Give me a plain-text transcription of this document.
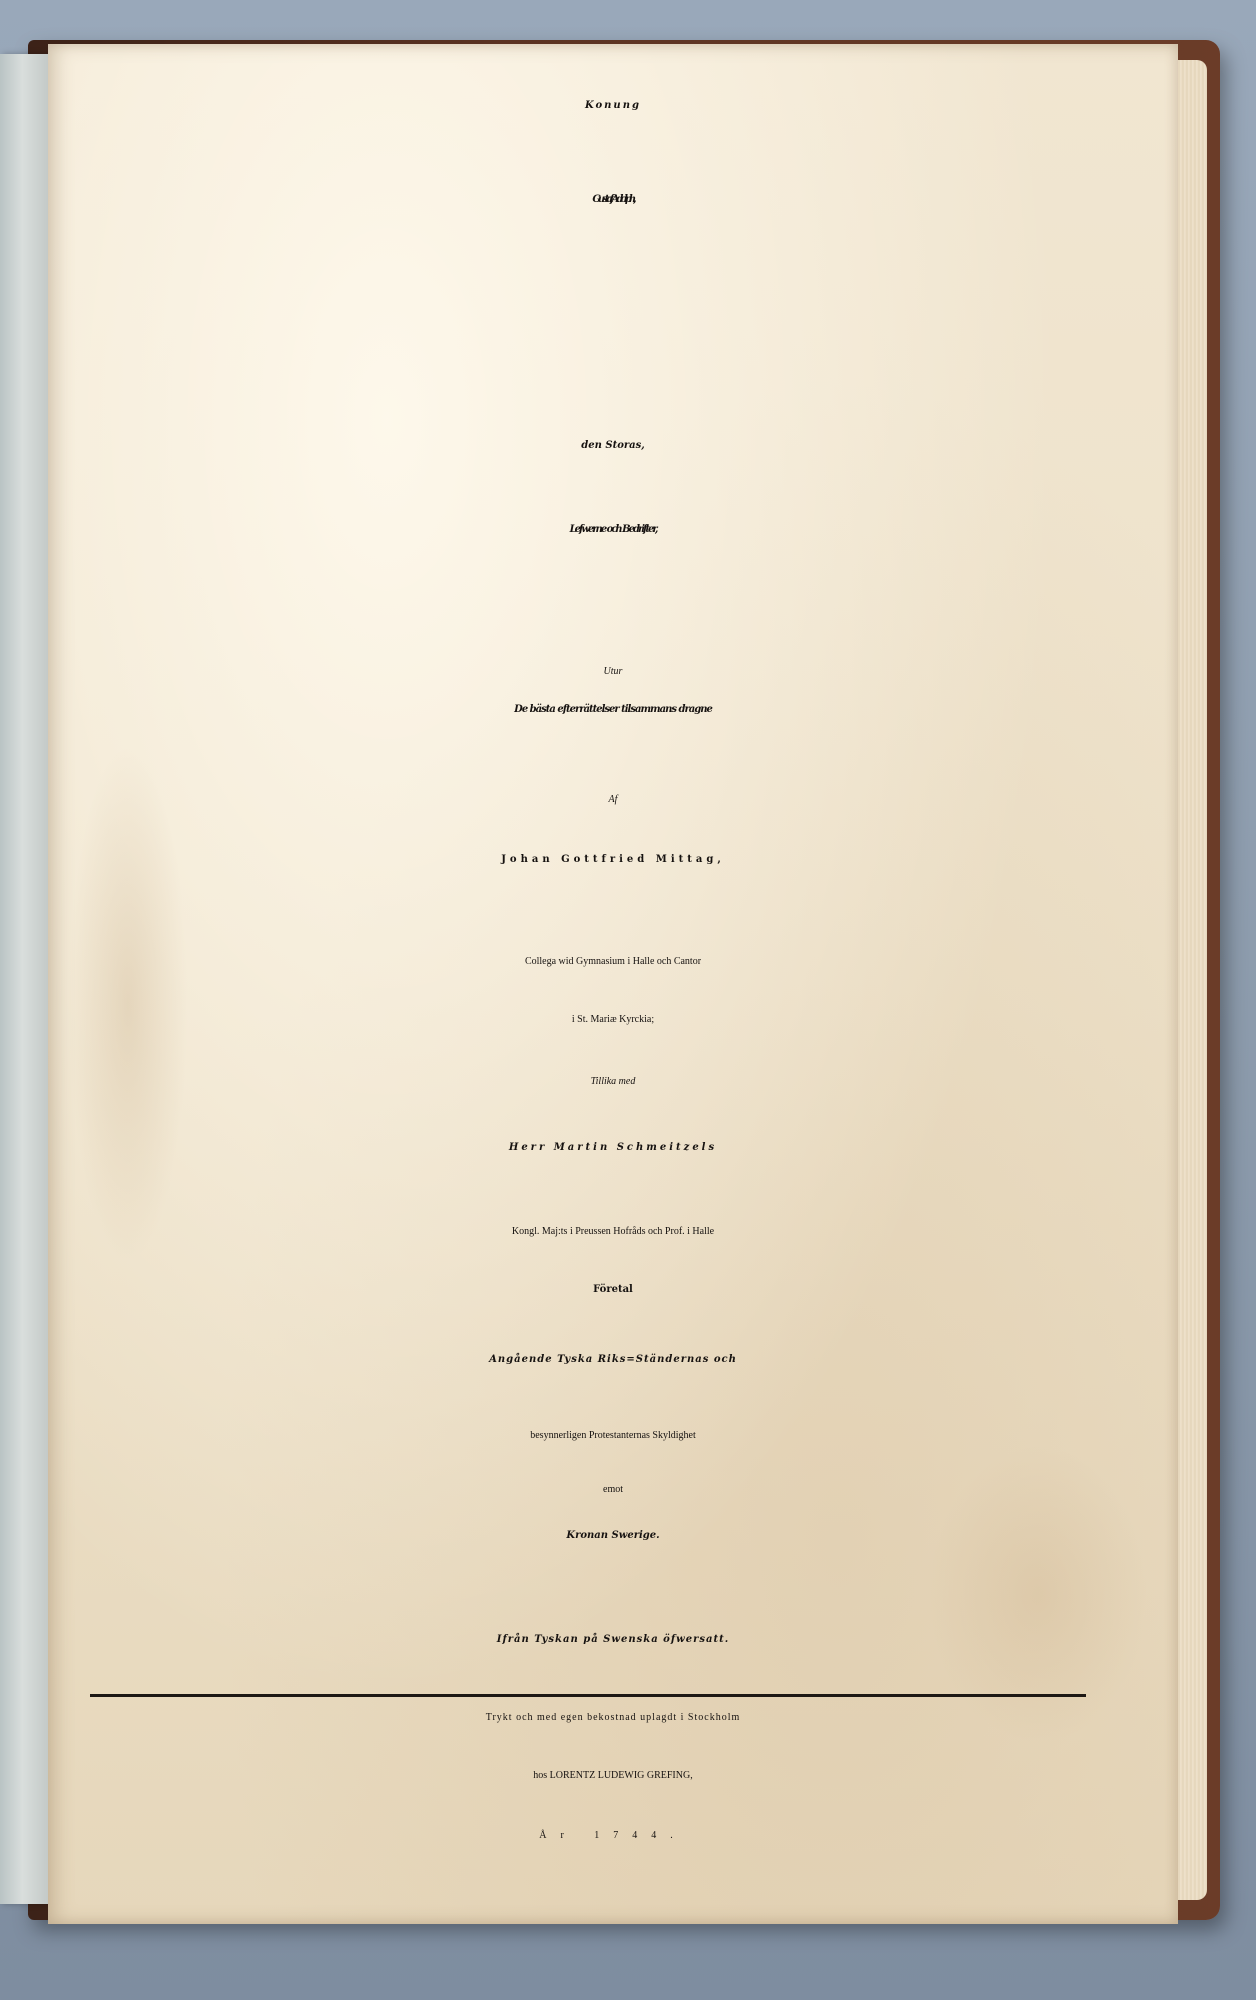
Konung
Gustaf Adolph,
den Storas,
Lefwerne och Bedrifter,
Utur
De bästa efterrättelser tilsammans dragne
Af
Johan Gottfried Mittag,
Collega wid Gymnasium i Halle och Cantor
i St. Mariæ Kyrckia;
Tillika med
Herr Martin Schmeitzels
Kongl. Maj:ts i Preussen Hofråds och Prof. i Halle
Företal
Angående Tyska Riks=Ständernas och
besynnerligen Protestanternas Skyldighet
emot
Kronan Swerige.
Ifrån Tyskan på Swenska öfwersatt.
Trykt och med egen bekostnad uplagdt i Stockholm
hos LORENTZ LUDEWIG GREFING,
År 1744.
